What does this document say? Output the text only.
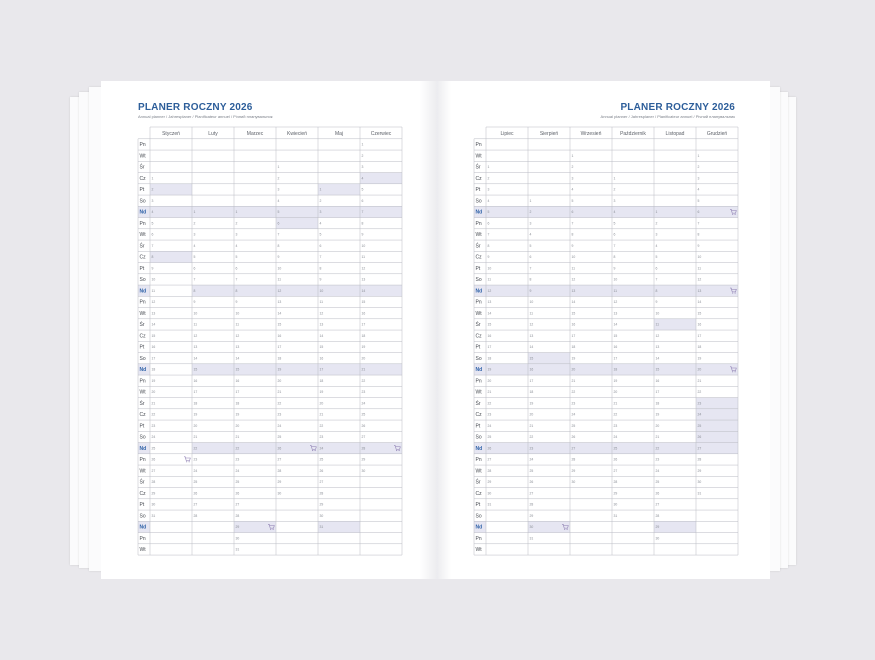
PLANER ROCZNY 2026
Annual planner / Jahresplaner / Planificateur annuel / Річний планувальник
Pn
Wt
Śr
Cz
Pt
So
Nd
Pn
Wt
Śr
Cz
Pt
So
Nd
Pn
Wt
Śr
Cz
Pt
So
Nd
Pn
Wt
Śr
Cz
Pt
So
Nd
Pn
Wt
Śr
Cz
Pt
So
Nd
Pn
Wt
Styczeń
1
2
3
4
5
6
7
8
9
10
11
12
13
14
15
16
17
18
19
20
21
22
23
24
25
26
27
28
29
30
31
Luty
1
2
3
4
5
6
7
8
9
10
11
12
13
14
15
16
17
18
19
20
21
22
23
24
25
26
27
28
Marzec
1
2
3
4
5
6
7
8
9
10
11
12
13
14
15
16
17
18
19
20
21
22
23
24
25
26
27
28
29
30
31
Kwiecień
1
2
3
4
5
6
7
8
9
10
11
12
13
14
15
16
17
18
19
20
21
22
23
24
25
26
27
28
29
30
Maj
1
2
3
4
5
6
7
8
9
10
11
12
13
14
15
16
17
18
19
20
21
22
23
24
25
26
27
28
29
30
31
Czerwiec
1
2
3
4
5
6
7
8
9
10
11
12
13
14
15
16
17
18
19
20
21
22
23
24
25
26
27
28
29
30
PLANER ROCZNY 2026
Annual planner / Jahresplaner / Planificateur annuel / Річний планувальник
Pn
Wt
Śr
Cz
Pt
So
Nd
Pn
Wt
Śr
Cz
Pt
So
Nd
Pn
Wt
Śr
Cz
Pt
So
Nd
Pn
Wt
Śr
Cz
Pt
So
Nd
Pn
Wt
Śr
Cz
Pt
So
Nd
Pn
Wt
Lipiec
1
2
3
4
5
6
7
8
9
10
11
12
13
14
15
16
17
18
19
20
21
22
23
24
25
26
27
28
29
30
31
Sierpień
1
2
3
4
5
6
7
8
9
10
11
12
13
14
15
16
17
18
19
20
21
22
23
24
25
26
27
28
29
30
31
Wrzesień
1
2
3
4
5
6
7
8
9
10
11
12
13
14
15
16
17
18
19
20
21
22
23
24
25
26
27
28
29
30
Październik
1
2
3
4
5
6
7
8
9
10
11
12
13
14
15
16
17
18
19
20
21
22
23
24
25
26
27
28
29
30
31
Listopad
1
2
3
4
5
6
7
8
9
10
11
12
13
14
15
16
17
18
19
20
21
22
23
24
25
26
27
28
29
30
Grudzień
1
2
3
4
5
6
7
8
9
10
11
12
13
14
15
16
17
18
19
20
21
22
23
24
25
26
27
28
29
30
31
